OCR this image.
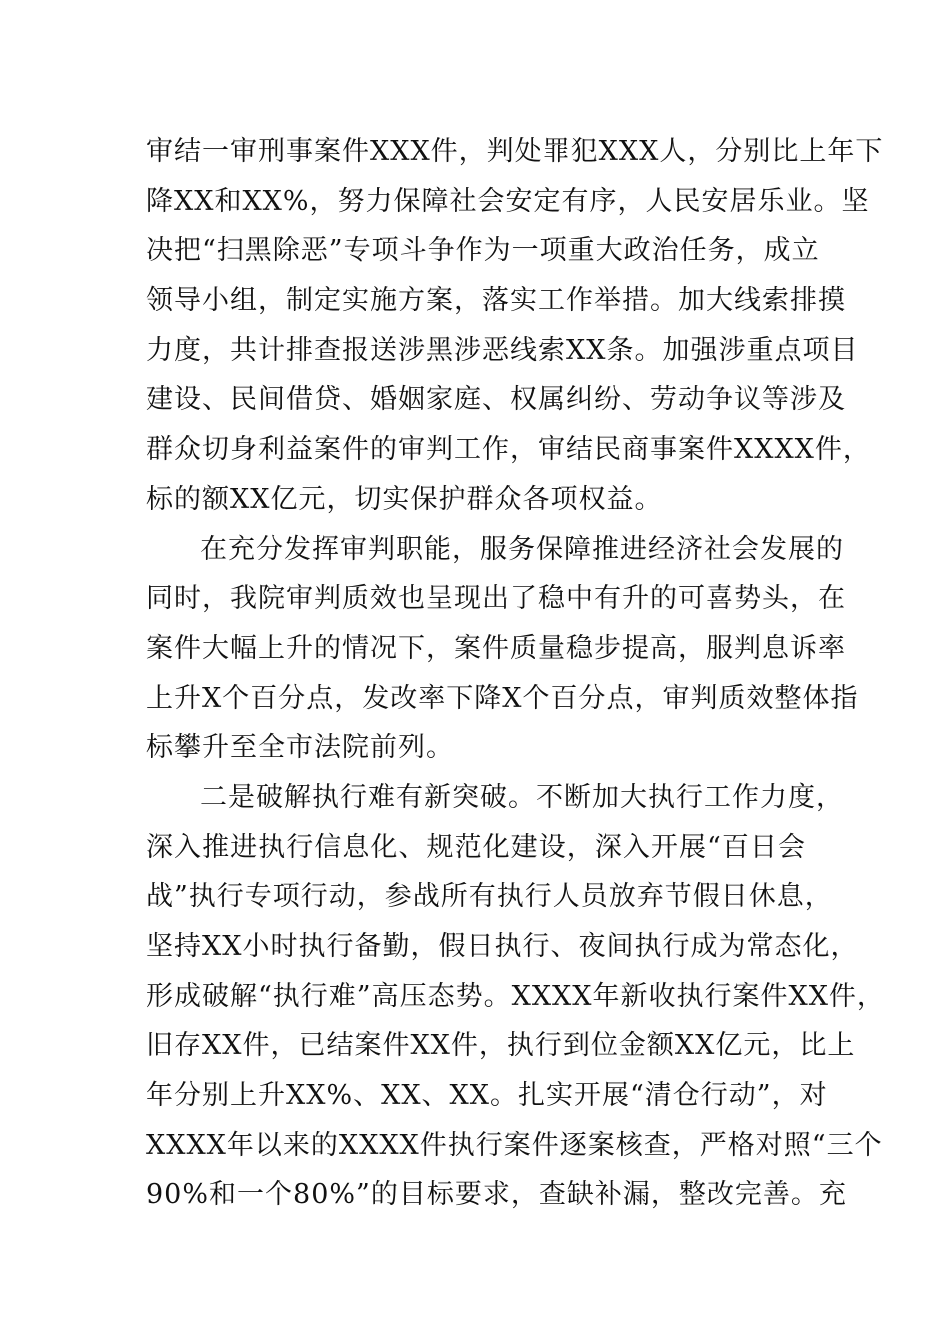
审结一审刑事案件XXX件，判处罪犯XXX人，分别比上年下
降XX和XX%，努力保障社会安定有序，人民安居乐业。坚
决把“扫黑除恶”专项斗争作为一项重大政治任务，成立
领导小组，制定实施方案，落实工作举措。加大线索排摸
力度，共计排查报送涉黑涉恶线索XX条。加强涉重点项目
建设、民间借贷、婚姻家庭、权属纠纷、劳动争议等涉及
群众切身利益案件的审判工作，审结民商事案件XXXX件，
标的额XX亿元，切实保护群众各项权益。
在充分发挥审判职能，服务保障推进经济社会发展的
同时，我院审判质效也呈现出了稳中有升的可喜势头，在
案件大幅上升的情况下，案件质量稳步提高，服判息诉率
上升X个百分点，发改率下降X个百分点，审判质效整体指
标攀升至全市法院前列。
二是破解执行难有新突破。不断加大执行工作力度，
深入推进执行信息化、规范化建设，深入开展“百日会
战”执行专项行动，参战所有执行人员放弃节假日休息，
坚持XX小时执行备勤，假日执行、夜间执行成为常态化，
形成破解“执行难”高压态势。XXXX年新收执行案件XX件，
旧存XX件，已结案件XX件，执行到位金额XX亿元，比上
年分别上升XX%、XX、XX。扎实开展“清仓行动”，对
XXXX年以来的XXXX件执行案件逐案核查，严格对照“三个
90%和一个80%”的目标要求，查缺补漏，整改完善。充
